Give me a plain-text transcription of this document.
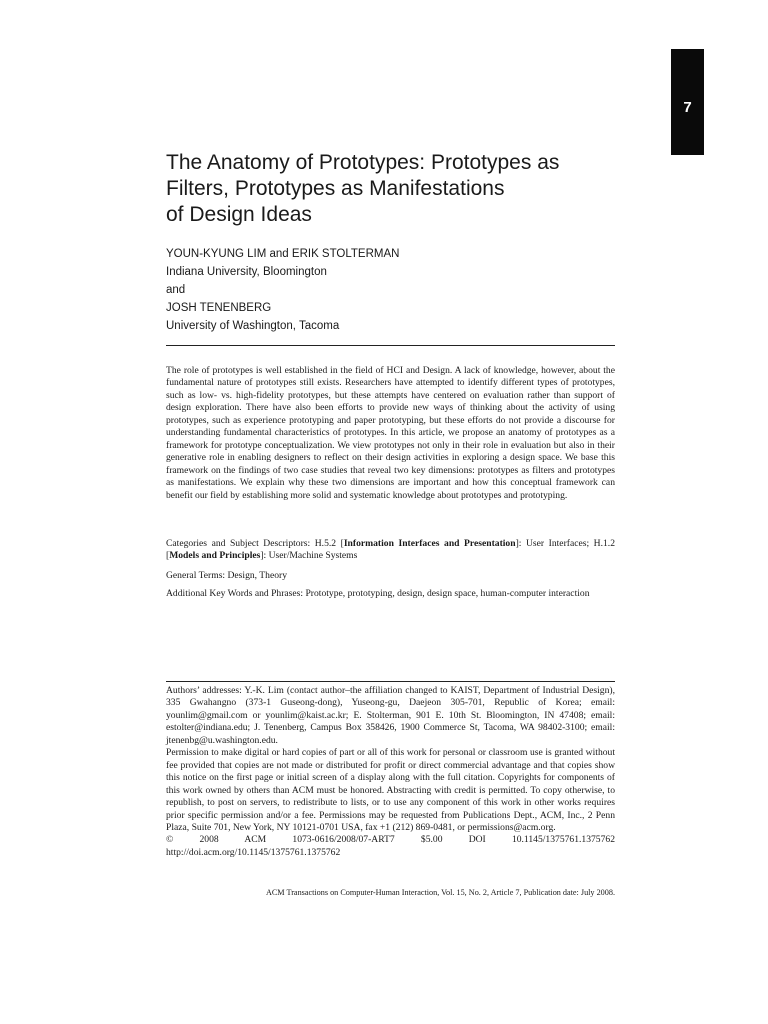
7
The Anatomy of Prototypes: Prototypes as
Filters, Prototypes as Manifestations
of Design Ideas
YOUN-KYUNG LIM and ERIK STOLTERMAN
Indiana University, Bloomington
and
JOSH TENENBERG
University of Washington, Tacoma

The role of prototypes is well established in the field of HCI and Design. A lack of knowledge, however, about the fundamental nature of prototypes still exists. Researchers have attempted to identify different types of prototypes, such as low- vs. high-fidelity prototypes, but these attempts have centered on evaluation rather than support of design exploration. There have also been efforts to provide new ways of thinking about the activity of using prototypes, such as experience prototyping and paper prototyping, but these efforts do not provide a discourse for understanding fundamental characteristics of prototypes. In this article, we propose an anatomy of prototypes as a framework for prototype conceptualization. We view prototypes not only in their role in evaluation but also in their generative role in enabling designers to reflect on their design activities in exploring a design space. We base this framework on the findings of two case studies that reveal two key dimensions: prototypes as filters and prototypes as manifestations. We explain why these two dimensions are important and how this conceptual framework can benefit our field by establishing more solid and systematic knowledge about prototypes and prototyping.

Categories and Subject Descriptors: H.5.2 [Information Interfaces and Presentation]: User Interfaces; H.1.2 [Models and Principles]: User/Machine Systems

General Terms: Design, Theory

Additional Key Words and Phrases: Prototype, prototyping, design, design space, human-computer interaction

Authors’ addresses: Y.-K. Lim (contact author–the affiliation changed to KAIST, Department of Industrial Design), 335 Gwahangno (373-1 Guseong-dong), Yuseong-gu, Daejeon 305-701, Republic of Korea; email: younlim@gmail.com or younlim@kaist.ac.kr; E. Stolterman, 901 E. 10th St. Bloomington, IN 47408; email: estolter@indiana.edu; J. Tenenberg, Campus Box 358426, 1900 Commerce St, Tacoma, WA 98402-3100; email: jtenenbg@u.washington.edu.

Permission to make digital or hard copies of part or all of this work for personal or classroom use is granted without fee provided that copies are not made or distributed for profit or direct commercial advantage and that copies show this notice on the first page or initial screen of a display along with the full citation. Copyrights for components of this work owned by others than ACM must be honored. Abstracting with credit is permitted. To copy otherwise, to republish, to post on servers, to redistribute to lists, or to use any component of this work in other works requires prior specific permission and/or a fee. Permissions may be requested from Publications Dept., ACM, Inc., 2 Penn Plaza, Suite 701, New York, NY 10121-0701 USA, fax +1 (212) 869-0481, or permissions@acm.org.

© 2008 ACM 1073-0616/2008/07-ART7 $5.00 DOI 10.1145/1375761.1375762 http://doi.acm.org/10.1145/1375761.1375762

ACM Transactions on Computer-Human Interaction, Vol. 15, No. 2, Article 7, Publication date: July 2008.
